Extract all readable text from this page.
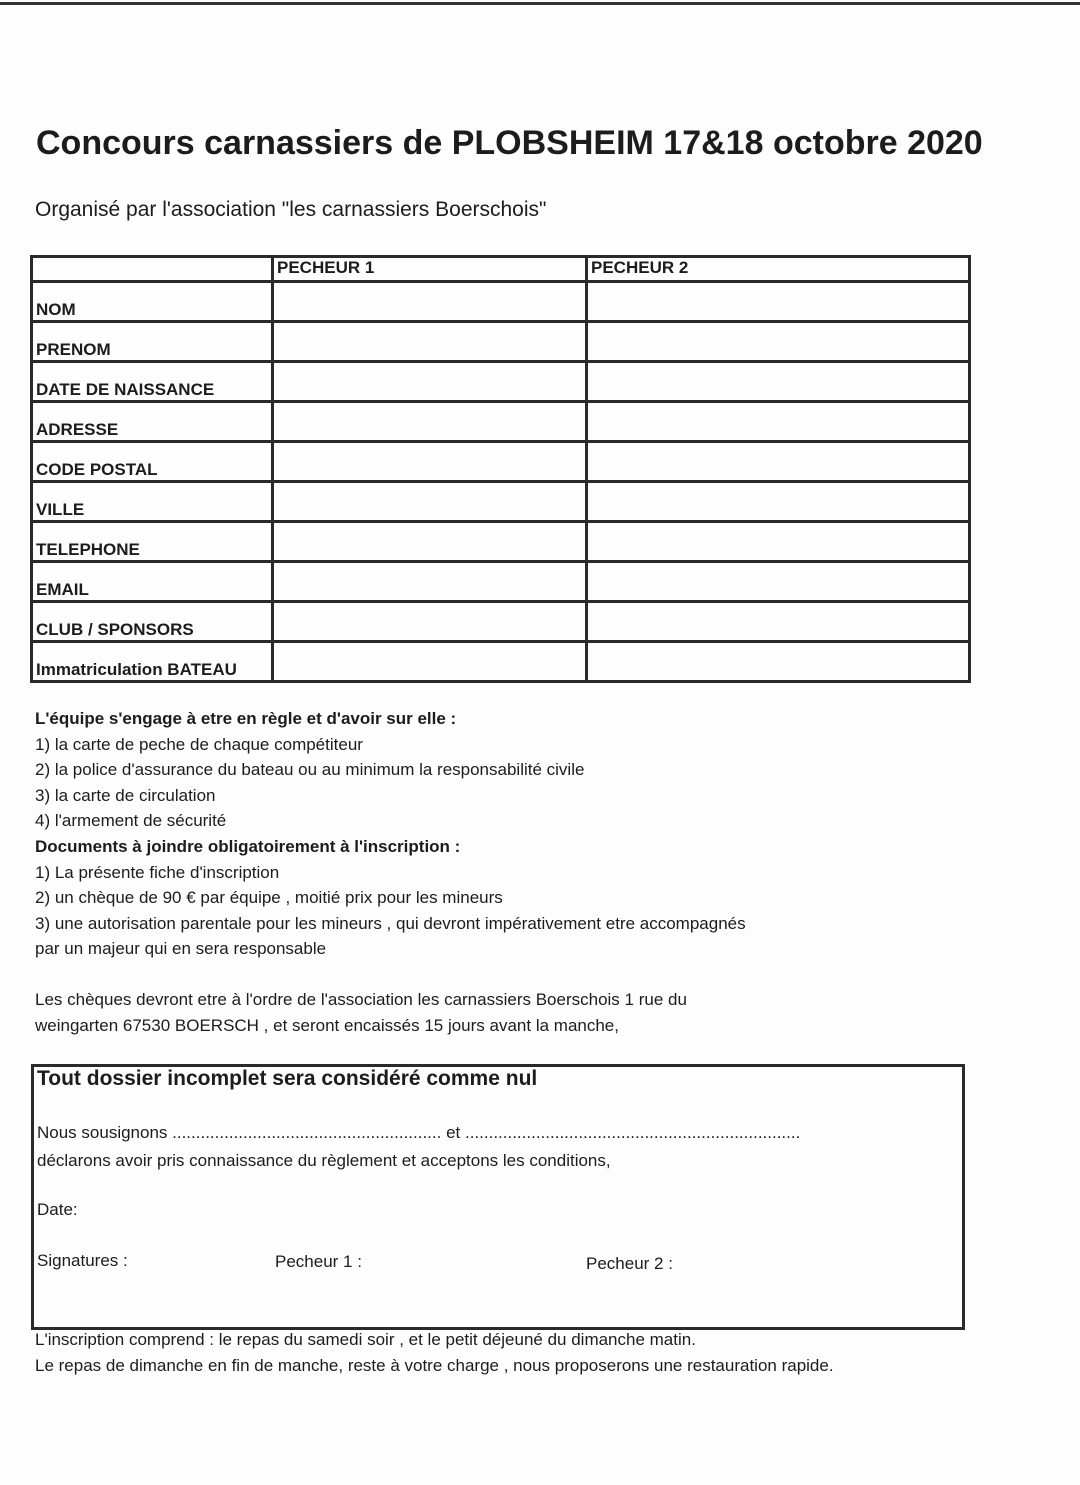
Concours carnassiers de PLOBSHEIM 17&18 octobre 2020
Organisé par l'association "les carnassiers Boerschois"
	PECHEUR 1	PECHEUR 2
NOM		
PRENOM		
DATE DE NAISSANCE		
ADRESSE		
CODE POSTAL		
VILLE		
TELEPHONE		
EMAIL		
CLUB / SPONSORS		
Immatriculation BATEAU		
L'équipe s'engage à etre en règle et d'avoir sur elle :
1) la carte de peche de chaque compétiteur
2) la police d'assurance du bateau ou au minimum la responsabilité civile
3) la carte de circulation
4) l'armement de sécurité
Documents à joindre obligatoirement à l'inscription :
1) La présente fiche d'inscription
2) un chèque de 90 € par équipe , moitié prix pour les mineurs
3) une autorisation parentale pour les mineurs , qui devront impérativement etre accompagnés
par un majeur qui en sera responsable
Les chèques devront etre à l'ordre de l'association les carnassiers Boerschois 1 rue du
weingarten 67530 BOERSCH , et seront encaissés 15 jours avant la manche,
Tout dossier incomplet sera considéré comme nul
Nous sousignons ......................................................... et .......................................................................
déclarons avoir pris connaissance du règlement et acceptons les conditions,
Date:
Signatures :	Pecheur 1 :	Pecheur 2 :
L'inscription comprend : le repas du samedi soir , et le petit déjeuné du dimanche matin.
Le repas de dimanche en fin de manche, reste à votre charge , nous proposerons une restauration rapide.
